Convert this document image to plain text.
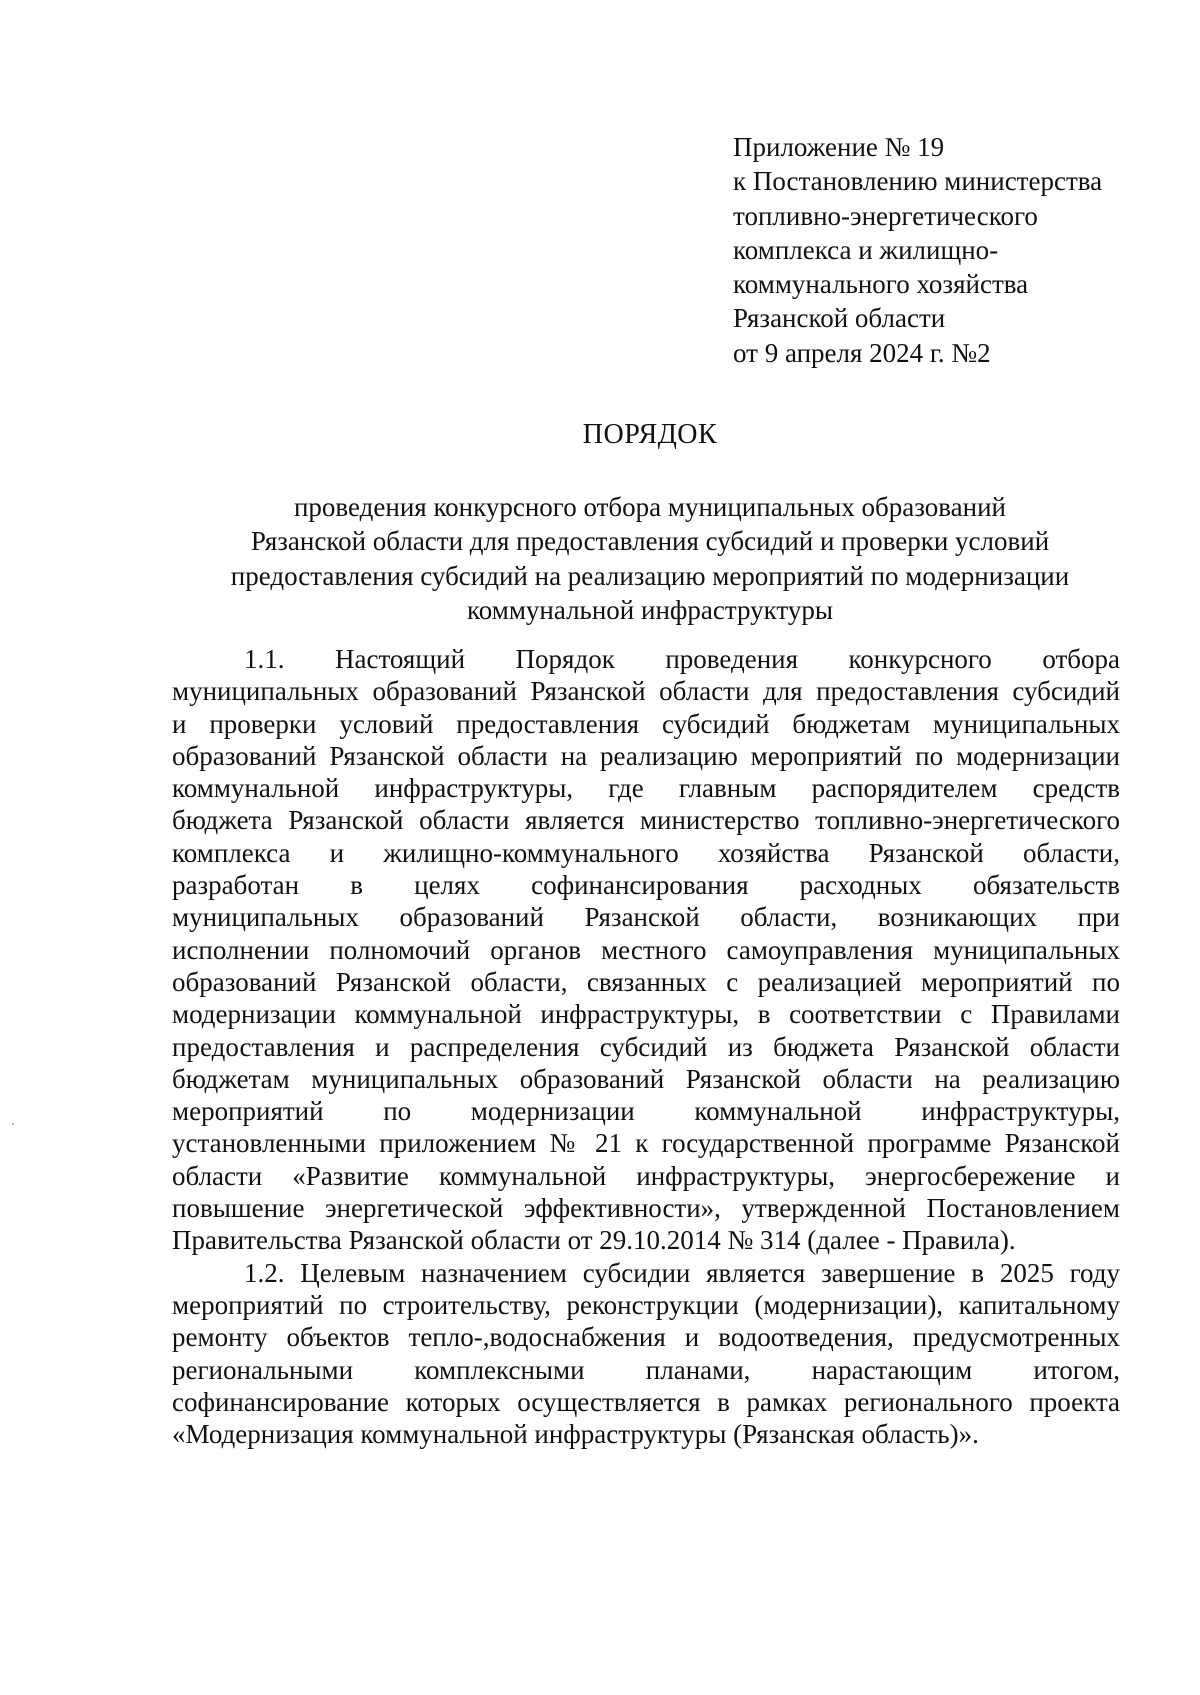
Приложение № 19
к Постановлению министерства
топливно-энергетического
комплекса и жилищно-
коммунального хозяйства
Рязанской области
от 9 апреля 2024 г. №2
ПОРЯДОК
проведения конкурсного отбора муниципальных образований
Рязанской области для предоставления субсидий и проверки условий
предоставления субсидий на реализацию мероприятий по модернизации
коммунальной инфраструктуры
1.1. Настоящий Порядок проведения конкурсного отбора
муниципальных образований Рязанской области для предоставления субсидий
и проверки условий предоставления субсидий бюджетам муниципальных
образований Рязанской области на реализацию мероприятий по модернизации
коммунальной инфраструктуры, где главным распорядителем средств
бюджета Рязанской области является министерство топливно-энергетического
комплекса и жилищно-коммунального хозяйства Рязанской области,
разработан в целях софинансирования расходных обязательств
муниципальных образований Рязанской области, возникающих при
исполнении полномочий органов местного самоуправления муниципальных
образований Рязанской области, связанных с реализацией мероприятий по
модернизации коммунальной инфраструктуры, в соответствии с Правилами
предоставления и распределения субсидий из бюджета Рязанской области
бюджетам муниципальных образований Рязанской области на реализацию
мероприятий по модернизации коммунальной инфраструктуры,
установленными приложением № 21 к государственной программе Рязанской
области «Развитие коммунальной инфраструктуры, энергосбережение и
повышение энергетической эффективности», утвержденной Постановлением
Правительства Рязанской области от 29.10.2014 № 314 (далее - Правила).
1.2. Целевым назначением субсидии является завершение в 2025 году
мероприятий по строительству, реконструкции (модернизации), капитальному
ремонту объектов тепло-,водоснабжения и водоотведения, предусмотренных
региональными комплексными планами, нарастающим итогом,
софинансирование которых осуществляется в рамках регионального проекта
«Модернизация коммунальной инфраструктуры (Рязанская область)».
